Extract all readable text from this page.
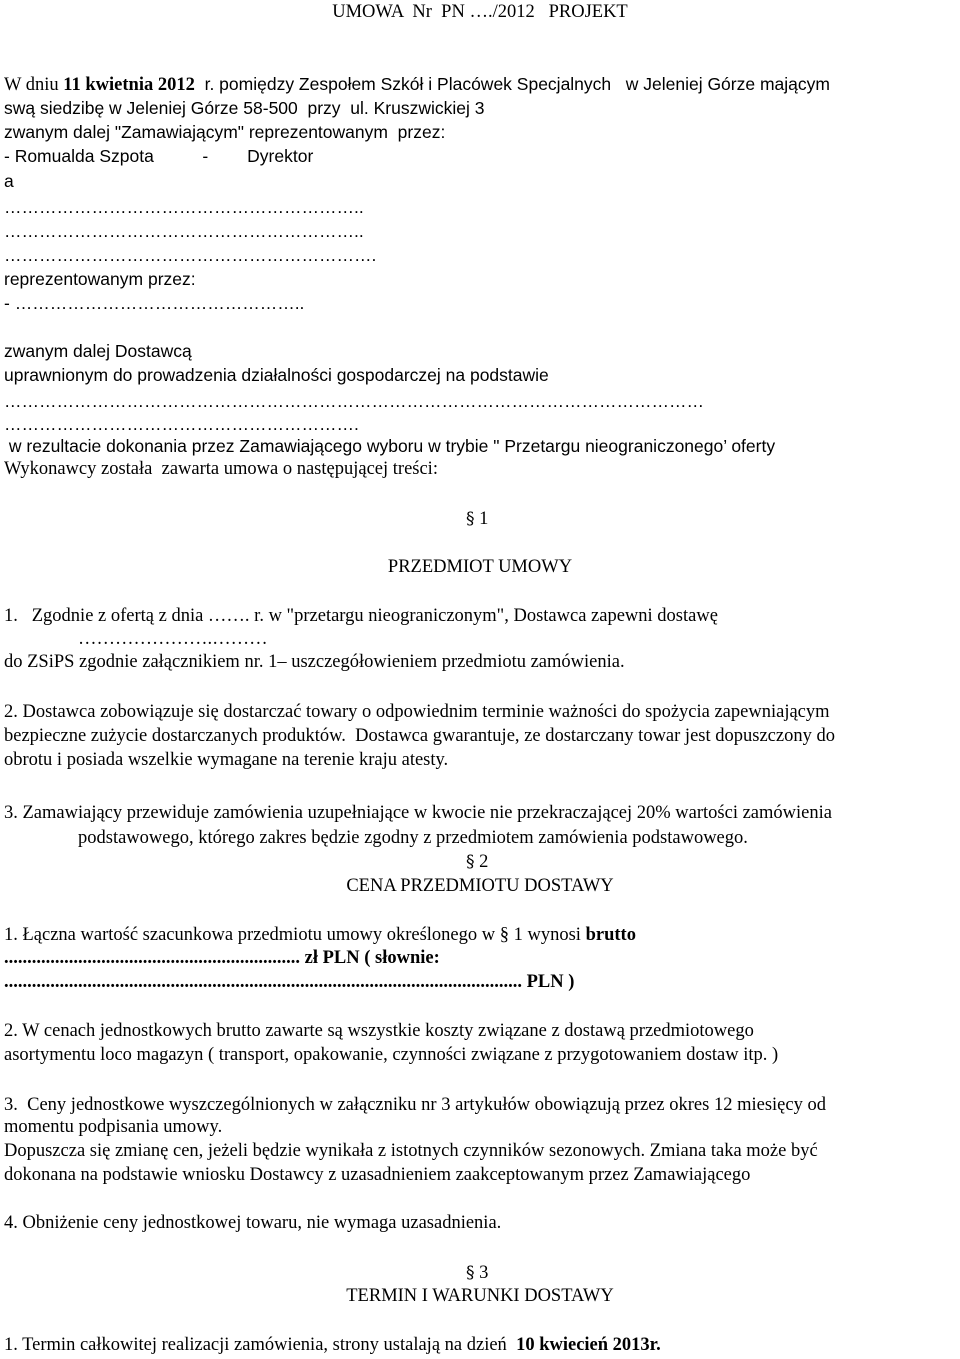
UMOWA  Nr  PN …./2012   PROJEKT
W dniu 11 kwietnia 2012  r. pomiędzy Zespołem Szkół i Placówek Specjalnych   w Jeleniej Górze mającym
swą siedzibę w Jeleniej Górze 58-500  przy  ul. Kruszwickiej 3
zwanym dalej "Zamawiającym" reprezentowanym  przez:
- Romualda Szpota          -        Dyrektor
a
……………………………………………………..
……………………………………………………..
……………………………………………………….
reprezentowanym przez:
- …………………………………………..
zwanym dalej Dostawcą
uprawnionym do prowadzenia działalności gospodarczej na podstawie
…………………………………………………………………………………………………………
…………………………………………………….
w rezultacie dokonania przez Zamawiającego wyboru w trybie " Przetargu nieograniczonego’ oferty
Wykonawcy została  zawarta umowa o następującej treści:
§ 1
PRZEDMIOT UMOWY
1.   Zgodnie z ofertą z dnia ……. r. w "przetargu nieograniczonym", Dostawca zapewni dostawę
………………….………
do ZSiPS zgodnie załącznikiem nr. 1– uszczegółowieniem przedmiotu zamówienia.
2. Dostawca zobowiązuje się dostarczać towary o odpowiednim terminie ważności do spożycia zapewniającym
bezpieczne zużycie dostarczanych produktów.  Dostawca gwarantuje, ze dostarczany towar jest dopuszczony do
obrotu i posiada wszelkie wymagane na terenie kraju atesty.
3. Zamawiający przewiduje zamówienia uzupełniające w kwocie nie przekraczającej 20% wartości zamówienia
podstawowego, którego zakres będzie zgodny z przedmiotem zamówienia podstawowego.
§ 2
CENA PRZEDMIOTU DOSTAWY
1. Łączna wartość szacunkowa przedmiotu umowy określonego w § 1 wynosi brutto
................................................................ zł PLN ( słownie:
................................................................................................................ PLN )
2. W cenach jednostkowych brutto zawarte są wszystkie koszty związane z dostawą przedmiotowego
asortymentu loco magazyn ( transport, opakowanie, czynności związane z przygotowaniem dostaw itp. )
3.  Ceny jednostkowe wyszczególnionych w załączniku nr 3 artykułów obowiązują przez okres 12 miesięcy od
momentu podpisania umowy.
Dopuszcza się zmianę cen, jeżeli będzie wynikała z istotnych czynników sezonowych. Zmiana taka może być
dokonana na podstawie wniosku Dostawcy z uzasadnieniem zaakceptowanym przez Zamawiającego
4. Obniżenie ceny jednostkowej towaru, nie wymaga uzasadnienia.
§ 3
TERMIN I WARUNKI DOSTAWY
1. Termin całkowitej realizacji zamówienia, strony ustalają na dzień  10 kwiecień 2013r.
